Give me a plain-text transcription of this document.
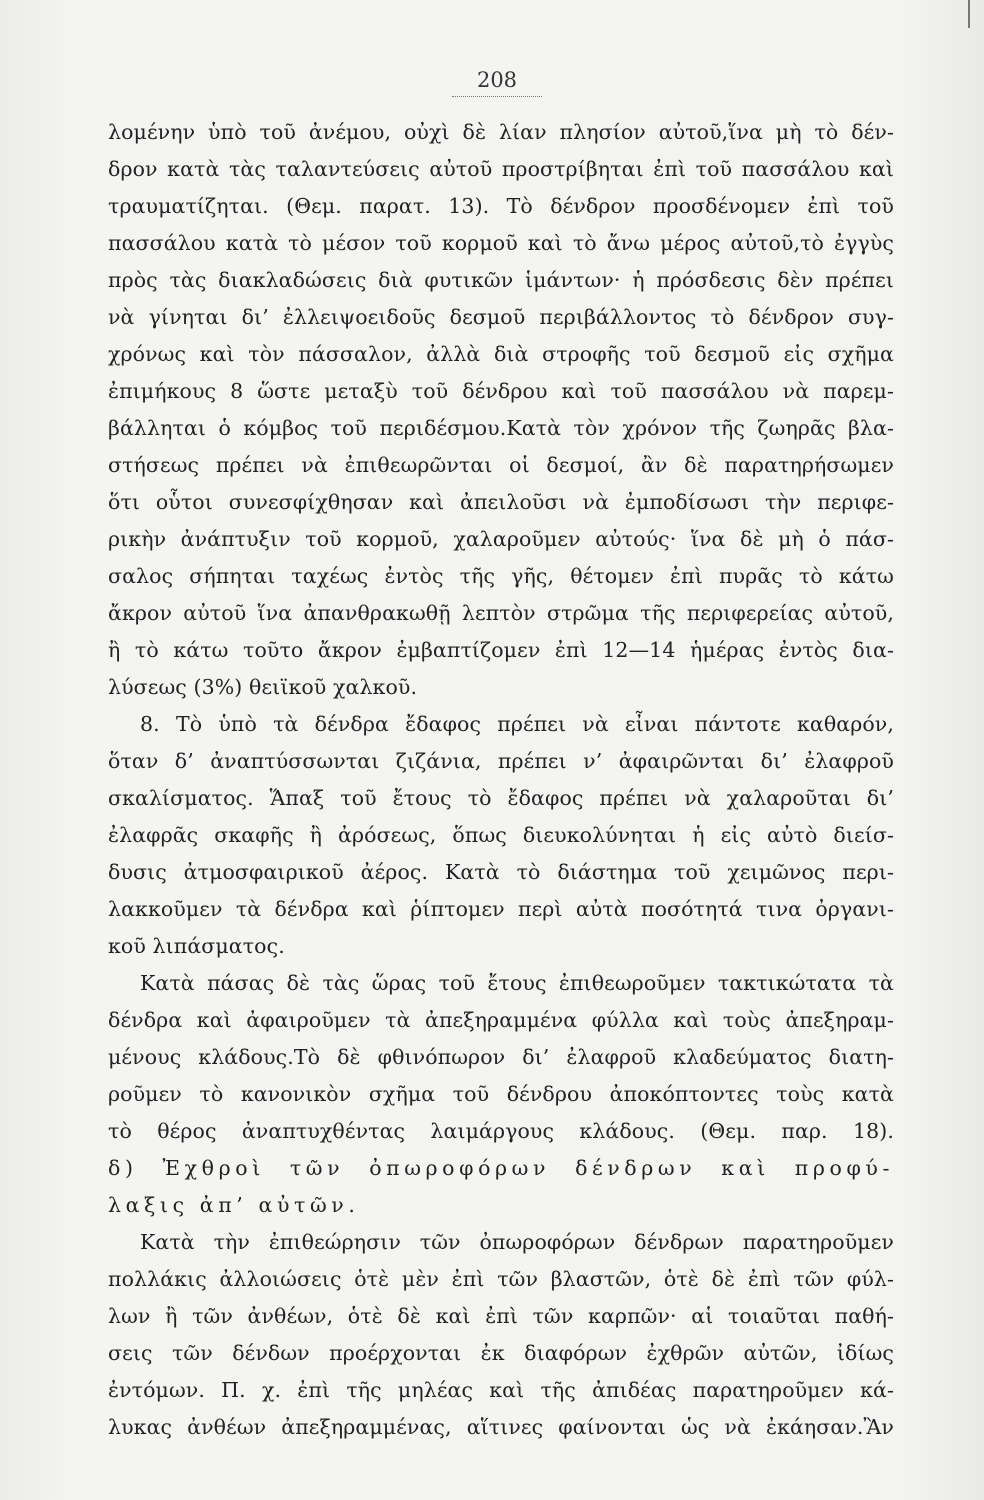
208
λομένην ὑπὸ τοῦ ἀνέμου, οὐχὶ δὲ λίαν πλησίον αὐτοῦ,ἵνα μὴ τὸ δέν-
δρον κατὰ τὰς ταλαντεύσεις αὐτοῦ προστρίβηται ἐπὶ τοῦ πασσάλου καὶ
τραυματίζηται. (Θεμ. παρατ. 13). Τὸ δένδρον προσδένομεν ἐπὶ τοῦ
πασσάλου κατὰ τὸ μέσον τοῦ κορμοῦ καὶ τὸ ἄνω μέρος αὐτοῦ,τὸ ἐγγὺς
πρὸς τὰς διακλαδώσεις διὰ φυτικῶν ἱμάντων· ἡ πρόσδεσις δὲν πρέπει
νὰ γίνηται δι’ ἐλλειψοειδοῦς δεσμοῦ περιβάλλοντος τὸ δένδρον συγ-
χρόνως καὶ τὸν πάσσαλον, ἀλλὰ διὰ στροφῆς τοῦ δεσμοῦ εἰς σχῆμα
ἐπιμήκους 8 ὥστε μεταξὺ τοῦ δένδρου καὶ τοῦ πασσάλου νὰ παρεμ-
βάλληται ὁ κόμβος τοῦ περιδέσμου.Κατὰ τὸν χρόνον τῆς ζωηρᾶς βλα-
στήσεως πρέπει νὰ ἐπιθεωρῶνται οἱ δεσμοί, ἂν δὲ παρατηρήσωμεν
ὅτι οὗτοι συνεσφίχθησαν καὶ ἀπειλοῦσι νὰ ἐμποδίσωσι τὴν περιφε-
ρικὴν ἀνάπτυξιν τοῦ κορμοῦ, χαλαροῦμεν αὐτούς· ἵνα δὲ μὴ ὁ πάσ-
σαλος σήπηται ταχέως ἐντὸς τῆς γῆς, θέτομεν ἐπὶ πυρᾶς τὸ κάτω
ἄκρον αὐτοῦ ἵνα ἀπανθρακωθῇ λεπτὸν στρῶμα τῆς περιφερείας αὐτοῦ,
ἢ τὸ κάτω τοῦτο ἄκρον ἐμβαπτίζομεν ἐπὶ 12—14 ἡμέρας ἐντὸς δια-
λύσεως (3%) θειϊκοῦ χαλκοῦ.
8. Τὸ ὑπὸ τὰ δένδρα ἔδαφος πρέπει νὰ εἶναι πάντοτε καθαρόν,
ὅταν δ’ ἀναπτύσσωνται ζιζάνια, πρέπει ν’ ἀφαιρῶνται δι’ ἐλαφροῦ
σκαλίσματος. Ἅπαξ τοῦ ἔτους τὸ ἔδαφος πρέπει νὰ χαλαροῦται δι’
ἐλαφρᾶς σκαφῆς ἢ ἀρόσεως, ὅπως διευκολύνηται ἡ εἰς αὐτὸ διείσ-
δυσις ἀτμοσφαιρικοῦ ἀέρος. Κατὰ τὸ διάστημα τοῦ χειμῶνος περι-
λακκοῦμεν τὰ δένδρα καὶ ῥίπτομεν περὶ αὐτὰ ποσότητά τινα ὀργανι-
κοῦ λιπάσματος.
Κατὰ πάσας δὲ τὰς ὥρας τοῦ ἔτους ἐπιθεωροῦμεν τακτικώτατα τὰ
δένδρα καὶ ἀφαιροῦμεν τὰ ἀπεξηραμμένα φύλλα καὶ τοὺς ἀπεξηραμ-
μένους κλάδους.Τὸ δὲ φθινόπωρον δι’ ἐλαφροῦ κλαδεύματος διατη-
ροῦμεν τὸ κανονικὸν σχῆμα τοῦ δένδρου ἀποκόπτοντες τοὺς κατὰ
τὸ θέρος ἀναπτυχθέντας λαιμάργους κλάδους. (Θεμ. παρ. 18).
δ) Ἐχθροὶ τῶν ὀπωροφόρων δένδρων καὶ προφύ-
λαξις ἀπ’ αὐτῶν.
Κατὰ τὴν ἐπιθεώρησιν τῶν ὀπωροφόρων δένδρων παρατηροῦμεν
πολλάκις ἀλλοιώσεις ὁτὲ μὲν ἐπὶ τῶν βλαστῶν, ὁτὲ δὲ ἐπὶ τῶν φύλ-
λων ἢ τῶν ἀνθέων, ὁτὲ δὲ καὶ ἐπὶ τῶν καρπῶν· αἱ τοιαῦται παθή-
σεις τῶν δένδων προέρχονται ἐκ διαφόρων ἐχθρῶν αὐτῶν, ἰδίως
ἐντόμων. Π. χ. ἐπὶ τῆς μηλέας καὶ τῆς ἀπιδέας παρατηροῦμεν κά-
λυκας ἀνθέων ἀπεξηραμμένας, αἵτινες φαίνονται ὡς νὰ ἐκάησαν.Ἂν
